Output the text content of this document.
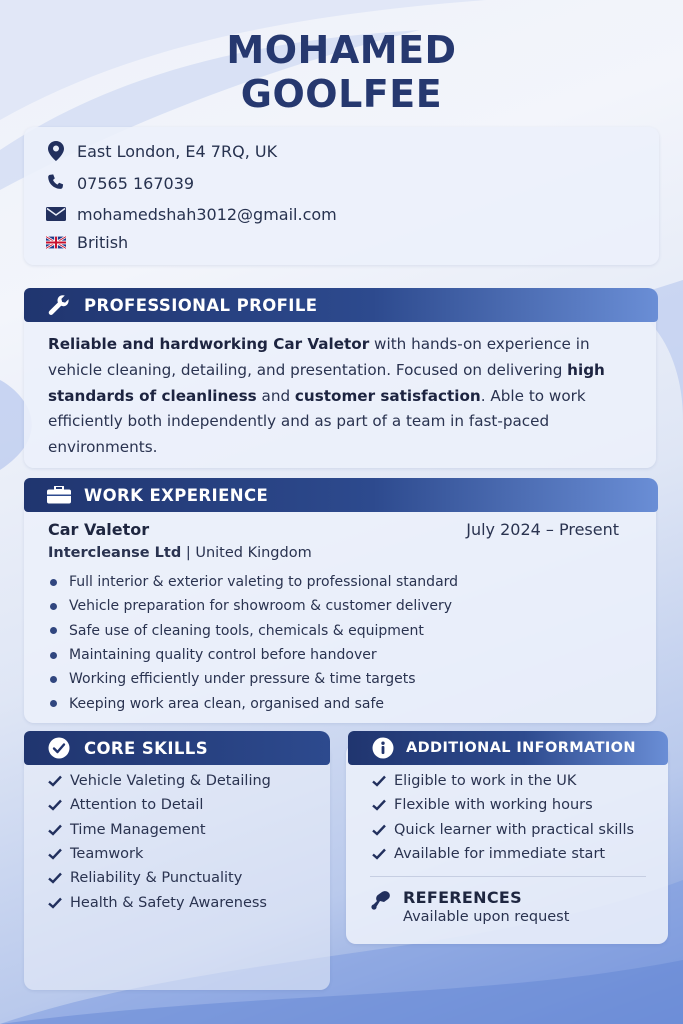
MOHAMED
GOOLFEE
East London, E4 7RQ, UK
07565 167039
mohamedshah3012@gmail.com
British
PROFESSIONAL PROFILE
Reliable and hardworking Car Valetor with hands-on experience in vehicle cleaning, detailing, and presentation. Focused on delivering high standards of cleanliness and customer satisfaction. Able to work efficiently both independently and as part of a team in fast-paced environments.
WORK EXPERIENCE
Car Valetor	July 2024 – Present
Intercleanse Ltd | United Kingdom
Full interior & exterior valeting to professional standard
Vehicle preparation for showroom & customer delivery
Safe use of cleaning tools, chemicals & equipment
Maintaining quality control before handover
Working efficiently under pressure & time targets
Keeping work area clean, organised and safe
CORE SKILLS
Vehicle Valeting & Detailing
Attention to Detail
Time Management
Teamwork
Reliability & Punctuality
Health & Safety Awareness
ADDITIONAL INFORMATION
Eligible to work in the UK
Flexible with working hours
Quick learner with practical skills
Available for immediate start
REFERENCES
Available upon request
